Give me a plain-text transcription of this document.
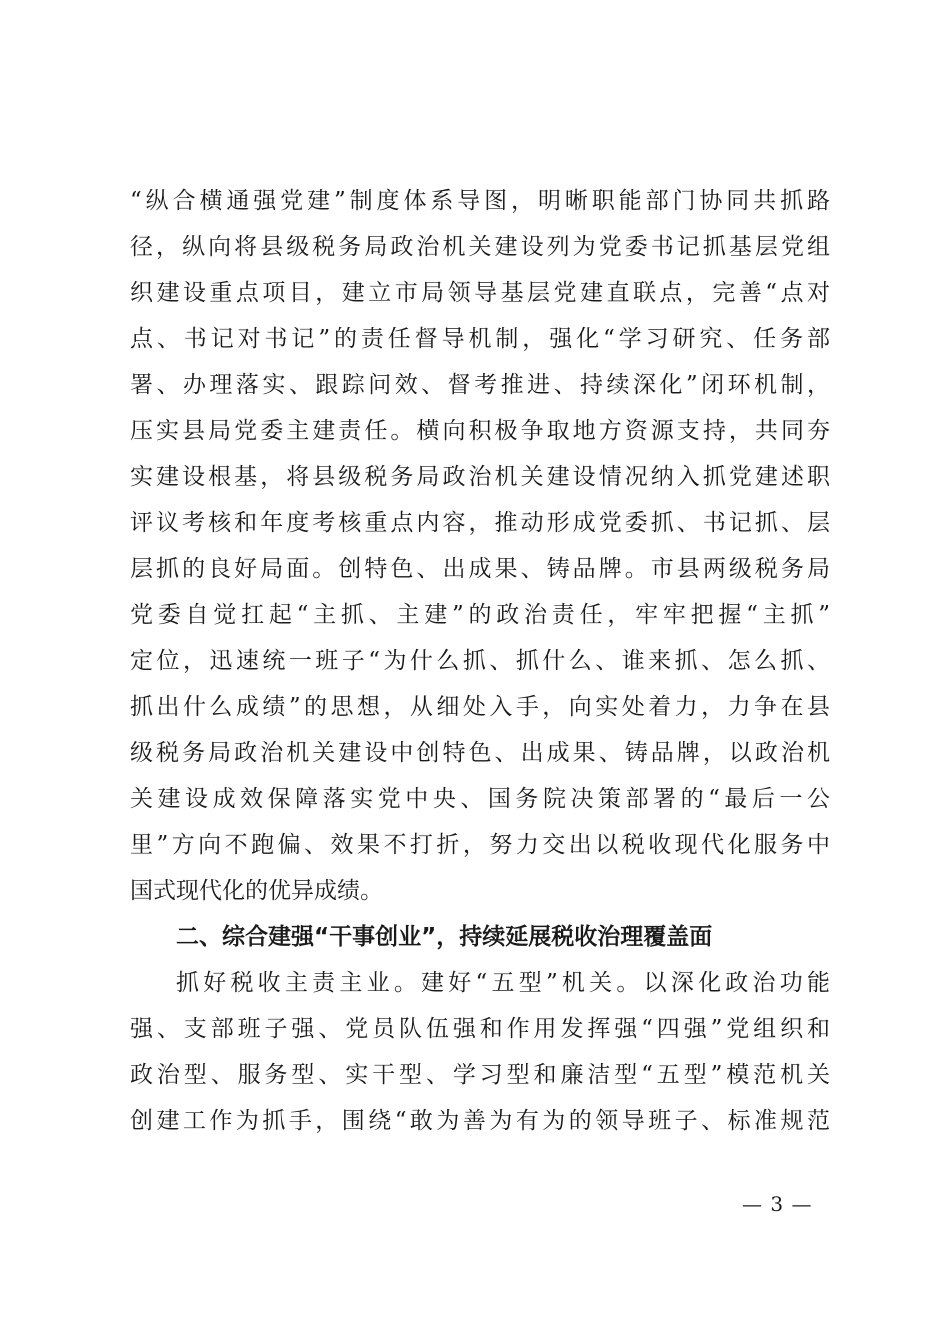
“纵合横通强党建”制度体系导图，明晰职能部门协同共抓路
径，纵向将县级税务局政治机关建设列为党委书记抓基层党组
织建设重点项目，建立市局领导基层党建直联点，完善“点对
点、书记对书记”的责任督导机制，强化“学习研究、任务部
署、办理落实、跟踪问效、督考推进、持续深化”闭环机制，
压实县局党委主建责任。横向积极争取地方资源支持，共同夯
实建设根基，将县级税务局政治机关建设情况纳入抓党建述职
评议考核和年度考核重点内容，推动形成党委抓、书记抓、层
层抓的良好局面。创特色、出成果、铸品牌。市县两级税务局
党委自觉扛起“主抓、主建”的政治责任，牢牢把握“主抓”
定位，迅速统一班子“为什么抓、抓什么、谁来抓、怎么抓、
抓出什么成绩”的思想，从细处入手，向实处着力，力争在县
级税务局政治机关建设中创特色、出成果、铸品牌，以政治机
关建设成效保障落实党中央、国务院决策部署的“最后一公
里”方向不跑偏、效果不打折，努力交出以税收现代化服务中
国式现代化的优异成绩。
二、综合建强“干事创业”，持续延展税收治理覆盖面
抓好税收主责主业。建好“五型”机关。以深化政治功能
强、支部班子强、党员队伍强和作用发挥强“四强”党组织和
政治型、服务型、实干型、学习型和廉洁型“五型”模范机关
创建工作为抓手，围绕“敢为善为有为的领导班子、标准规范
— 3 —
